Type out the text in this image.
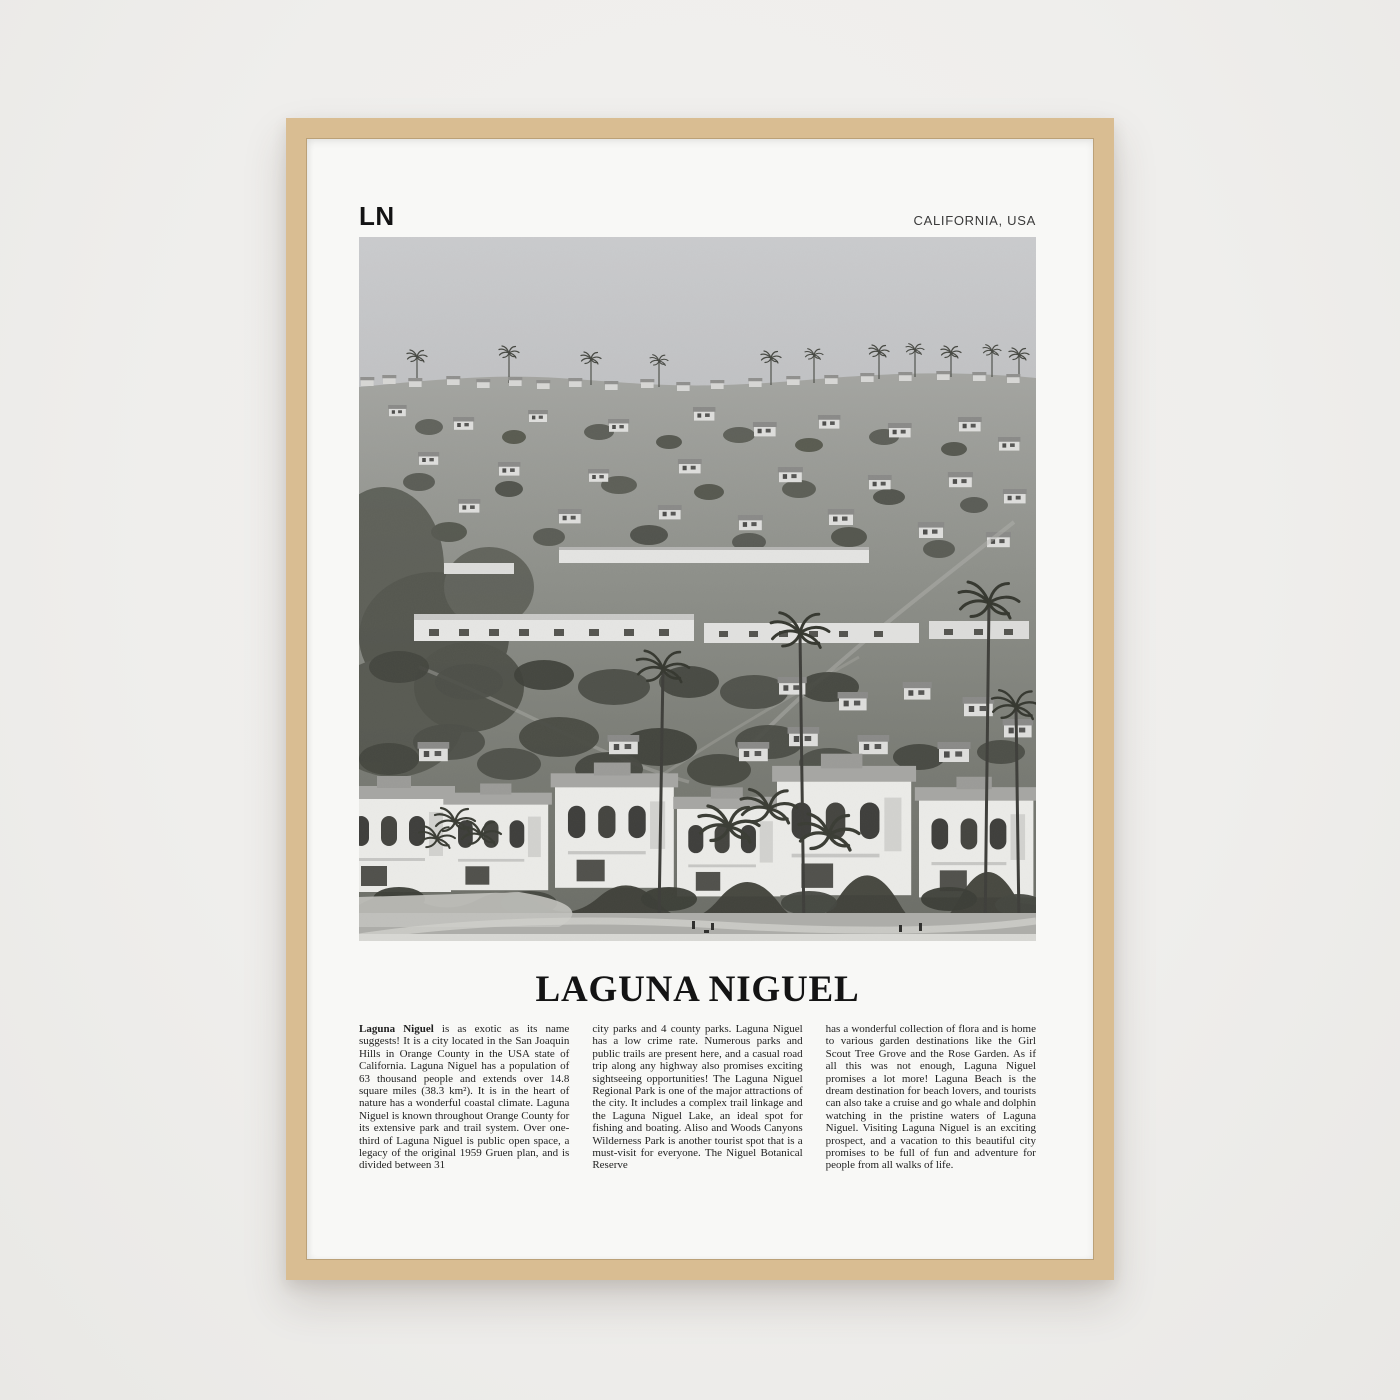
LN	CALIFORNIA, USA
LAGUNA NIGUEL

Laguna Niguel is as exotic as its name suggests! It is a city located in the San Joaquin Hills in Orange County in the USA state of California. Laguna Niguel has a population of 63 thousand people and extends over 14.8 square miles (38.3 km²). It is in the heart of nature has a wonderful coastal climate. Laguna Niguel is known throughout Orange County for its extensive park and trail system. Over one-third of Laguna Niguel is public open space, a legacy of the original 1959 Gruen plan, and is divided between 31

city parks and 4 county parks. Laguna Niguel has a low crime rate. Numerous parks and public trails are present here, and a casual road trip along any highway also promises exciting sightseeing opportunities! The Laguna Niguel Regional Park is one of the major attractions of the city. It includes a complex trail linkage and the Laguna Niguel Lake, an ideal spot for fishing and boating. Aliso and Woods Canyons Wilderness Park is another tourist spot that is a must-visit for everyone. The Niguel Botanical Reserve

has a wonderful collection of flora and is home to various garden destinations like the Girl Scout Tree Grove and the Rose Garden. As if all this was not enough, Laguna Niguel promises a lot more! Laguna Beach is the dream destination for beach lovers, and tourists can also take a cruise and go whale and dolphin watching in the pristine waters of Laguna Niguel. Visiting Laguna Niguel is an exciting prospect, and a vacation to this beautiful city promises to be full of fun and adventure for people from all walks of life.
